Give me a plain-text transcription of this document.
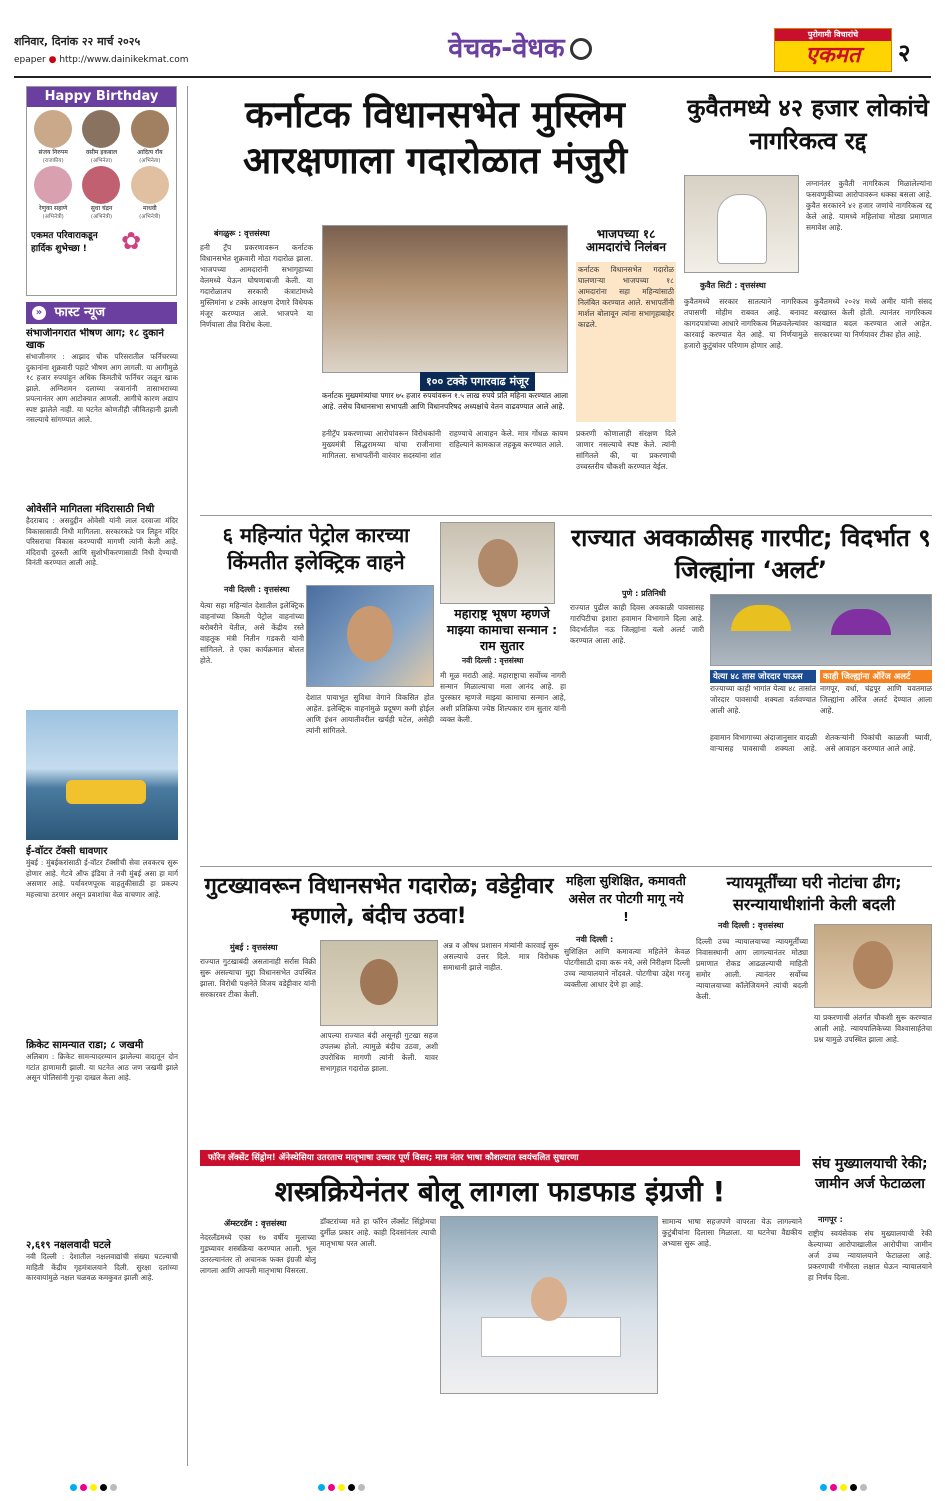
शनिवार, दिनांक २२ मार्च २०२५
epaper ● http://www.dainikekmat.com	वेचक-वेधक	पुरोगामी विचारांचे
एकमत	२
Happy Birthday
संजय निरुपम
(राजकीय)
वसीम इकबाल
(अभिनेता)
आदित्य रॉय
(अभिनेता)
रेणुका सहाणे
(अभिनेत्री)
सुधा चंद्रन
(अभिनेत्री)
माधवी
(अभिनेत्री)
एकमत परिवाराकडून हार्दिक शुभेच्छा !	✿
» फास्ट न्यूज
संभाजीनगरात भीषण आग; १८ दुकाने खाक
संभाजीनगर : आझाद चौक परिसरातील फर्निचरच्या दुकानांना शुक्रवारी पहाटे भीषण आग लागली. या आगीमुळे १८ हजार रुपयांहून अधिक किमतीचे फर्निचर जळून खाक झाले. अग्निशमन दलाच्या जवानांनी तासाभराच्या प्रयत्नानंतर आग आटोक्यात आणली. आगीचे कारण अद्याप स्पष्ट झालेले नाही. या घटनेत कोणतीही जीवितहानी झाली नसल्याचे सांगण्यात आले.
ओवेसींने मागितला मंदिरासाठी निधी
हैदराबाद : असदुद्दीन ओवेसी यांनी लाल दरवाजा मंदिर विकासासाठी निधी मागितला. सरकारकडे पत्र लिहून मंदिर परिसराचा विकास करण्याची मागणी त्यांनी केली आहे. मंदिराची दुरुस्ती आणि सुशोभीकरणासाठी निधी देण्याची विनंती करण्यात आली आहे.
ई-वॉटर टॅक्सी धावणार
मुंबई : मुंबईकरांसाठी ई-वॉटर टॅक्सीची सेवा लवकरच सुरू होणार आहे. गेटवे ऑफ इंडिया ते नवी मुंबई असा हा मार्ग असणार आहे. पर्यावरणपूरक वाहतुकीसाठी हा प्रकल्प महत्त्वाचा ठरणार असून प्रवाशांचा वेळ वाचणार आहे.
क्रिकेट सामन्यात राडा; ८ जखमी
अलिबाग : क्रिकेट सामन्यादरम्यान झालेल्या वादातून दोन गटांत हाणामारी झाली. या घटनेत आठ जण जखमी झाले असून पोलिसांनी गुन्हा दाखल केला आहे.
२,६१९ नक्षलवादी घटले
नवी दिल्ली : देशातील नक्षलवाद्यांची संख्या घटल्याची माहिती केंद्रीय गृहमंत्रालयाने दिली. सुरक्षा दलांच्या कारवायांमुळे नक्षल चळवळ कमकुवत झाली आहे.
कर्नाटक विधानसभेत मुस्लिम आरक्षणाला गदारोळात मंजुरी
बंगळुरू : वृत्तसंस्था
हनी ट्रॅप प्रकरणावरून कर्नाटक विधानसभेत शुक्रवारी मोठा गदारोळ झाला. भाजपच्या आमदारांनी सभागृहाच्या वेलमध्ये येऊन घोषणाबाजी केली. या गदारोळातच सरकारी कंत्राटांमध्ये मुस्लिमांना ४ टक्के आरक्षण देणारे विधेयक मंजूर करण्यात आले. भाजपने या निर्णयाला तीव्र विरोध केला.
१०० टक्के पगारवाढ मंजूर
कर्नाटक मुख्यमंत्र्यांचा पगार ७५ हजार रुपयांवरून १.५ लाख रुपये प्रति महिना करण्यात आला आहे. तसेच विधानसभा सभापती आणि विधानपरिषद अध्यक्षांचे वेतन वाढवण्यात आले आहे.
भाजपच्या १८ आमदारांचे निलंबन
कर्नाटक विधानसभेत गदारोळ घालणाऱ्या भाजपच्या १८ आमदारांना सहा महिन्यांसाठी निलंबित करण्यात आले. सभापतींनी मार्शल बोलावून त्यांना सभागृहाबाहेर काढले.
हनीट्रॅप प्रकरणाच्या आरोपांवरून विरोधकांनी मुख्यमंत्री सिद्धरामय्या यांचा राजीनामा मागितला. सभापतींनी वारंवार सदस्यांना शांत राहण्याचे आवाहन केले. मात्र गोंधळ कायम राहिल्याने कामकाज तहकूब करण्यात आले.
प्रकरणी कोणालाही संरक्षण दिले जाणार नसल्याचे स्पष्ट केले. त्यांनी सांगितले की, या प्रकरणाची उच्चस्तरीय चौकशी करण्यात येईल.
कुवैतमध्ये ४२ हजार लोकांचे नागरिकत्व रद्द
कुवैत सिटी : वृत्तसंस्था
लग्नानंतर कुवैती नागरिकत्व मिळालेल्यांना फसवणुकीच्या आरोपावरून धक्का बसला आहे. कुवैत सरकारने ४२ हजार जणांचे नागरिकत्व रद्द केले आहे. यामध्ये महिलांचा मोठ्या प्रमाणात समावेश आहे.
कुवैतमध्ये सरकार सातत्याने नागरिकत्व तपासणी मोहीम राबवत आहे. बनावट कागदपत्रांच्या आधारे नागरिकत्व मिळवलेल्यांवर कारवाई करण्यात येत आहे. या निर्णयामुळे हजारो कुटुंबांवर परिणाम होणार आहे.
कुवैतमध्ये २०२४ मध्ये अमीर यांनी संसद बरखास्त केली होती. त्यानंतर नागरिकत्व कायद्यात बदल करण्यात आले आहेत. सरकारच्या या निर्णयावर टीका होत आहे.
६ महिन्यांत पेट्रोल कारच्या किंमतीत इलेक्ट्रिक वाहने
नवी दिल्ली : वृत्तसंस्था
येत्या सहा महिन्यांत देशातील इलेक्ट्रिक वाहनांच्या किमती पेट्रोल वाहनांच्या बरोबरीने येतील, असे केंद्रीय रस्ते वाहतूक मंत्री नितीन गडकरी यांनी सांगितले. ते एका कार्यक्रमात बोलत होते.
देशात पायाभूत सुविधा वेगाने विकसित होत आहेत. इलेक्ट्रिक वाहनांमुळे प्रदूषण कमी होईल आणि इंधन आयातीवरील खर्चही घटेल, असेही त्यांनी सांगितले.
महाराष्ट्र भूषण म्हणजे माझ्या कामाचा सन्मान : राम सुतार
नवी दिल्ली : वृत्तसंस्था
मी मूळ मराठी आहे. महाराष्ट्राचा सर्वोच्च नागरी सन्मान मिळाल्याचा मला आनंद आहे. हा पुरस्कार म्हणजे माझ्या कामाचा सन्मान आहे, अशी प्रतिक्रिया ज्येष्ठ शिल्पकार राम सुतार यांनी व्यक्त केली.
राज्यात अवकाळीसह गारपीट; विदर्भात ९ जिल्ह्यांना ‘अलर्ट’
पुणे : प्रतिनिधी
राज्यात पुढील काही दिवस अवकाळी पावसासह गारपिटीचा इशारा हवामान विभागाने दिला आहे. विदर्भातील नऊ जिल्ह्यांना यलो अलर्ट जारी करण्यात आला आहे.
येत्या ४८ तास जोरदार पाऊस
राज्याच्या काही भागांत येत्या ४८ तासांत जोरदार पावसाची शक्यता वर्तवण्यात आली आहे.
काही जिल्ह्यांना ऑरेंज अलर्ट
नागपूर, वर्धा, चंद्रपूर आणि यवतमाळ जिल्ह्यांना ऑरेंज अलर्ट देण्यात आला आहे.
हवामान विभागाच्या अंदाजानुसार वादळी वाऱ्यासह पावसाची शक्यता आहे. शेतकऱ्यांनी पिकांची काळजी घ्यावी, असे आवाहन करण्यात आले आहे.
गुटख्यावरून विधानसभेत गदारोळ; वडेट्टीवार म्हणाले, बंदीच उठवा!
मुंबई : वृत्तसंस्था
राज्यात गुटखाबंदी असतानाही सर्रास विक्री सुरू असल्याचा मुद्दा विधानसभेत उपस्थित झाला. विरोधी पक्षनेते विजय वडेट्टीवार यांनी सरकारवर टीका केली.
आपल्या राज्यात बंदी असूनही गुटखा सहज उपलब्ध होतो. त्यामुळे बंदीच उठवा, अशी उपरोधिक मागणी त्यांनी केली. यावर सभागृहात गदारोळ झाला.
अन्न व औषध प्रशासन मंत्र्यांनी कारवाई सुरू असल्याचे उत्तर दिले. मात्र विरोधक समाधानी झाले नाहीत.
महिला सुशिक्षित, कमावती असेल तर पोटगी मागू नये !
नवी दिल्ली :
सुशिक्षित आणि कमावत्या महिलेने केवळ पोटगीसाठी दावा करू नये, असे निरीक्षण दिल्ली उच्च न्यायालयाने नोंदवले. पोटगीचा उद्देश गरजू व्यक्तीला आधार देणे हा आहे.
न्यायमूर्तींच्या घरी नोटांचा ढीग; सरन्यायाधीशांनी केली बदली
नवी दिल्ली : वृत्तसंस्था
दिल्ली उच्च न्यायालयाच्या न्यायमूर्तींच्या निवासस्थानी आग लागल्यानंतर मोठ्या प्रमाणात रोकड आढळल्याची माहिती समोर आली. त्यानंतर सर्वोच्च न्यायालयाच्या कॉलेजियमने त्यांची बदली केली.
या प्रकरणाची अंतर्गत चौकशी सुरू करण्यात आली आहे. न्यायपालिकेच्या विश्वासार्हतेचा प्रश्न यामुळे उपस्थित झाला आहे.
फॉरेन लॅक्सेंट सिंड्रोम! ॲनेस्थेसिया उतरताच मातृभाषा उच्चार पूर्ण विसर; मात्र नंतर भाषा कौशल्यात स्वयंचलित सुधारणा
शस्त्रक्रियेनंतर बोलू लागला फाडफाड इंग्रजी !
ॲम्स्टरडॅम : वृत्तसंस्था
नेदरलँडमध्ये एका १७ वर्षीय मुलाच्या गुडघ्यावर शस्त्रक्रिया करण्यात आली. भूल उतरल्यानंतर तो अचानक फक्त इंग्रजी बोलू लागला आणि आपली मातृभाषा विसरला.
डॉक्टरांच्या मते हा फॉरेन लॅक्सेंट सिंड्रोमचा दुर्मीळ प्रकार आहे. काही दिवसांनंतर त्याची मातृभाषा परत आली.
सामान्य भाषा सहजपणे वापरता येऊ लागल्याने कुटुंबीयांना दिलासा मिळाला. या घटनेचा वैद्यकीय अभ्यास सुरू आहे.
संघ मुख्यालयाची रेकी; जामीन अर्ज फेटाळला
नागपूर :
राष्ट्रीय स्वयंसेवक संघ मुख्यालयाची रेकी केल्याच्या आरोपाखालील आरोपीचा जामीन अर्ज उच्च न्यायालयाने फेटाळला आहे. प्रकरणाची गंभीरता लक्षात घेऊन न्यायालयाने हा निर्णय दिला.
